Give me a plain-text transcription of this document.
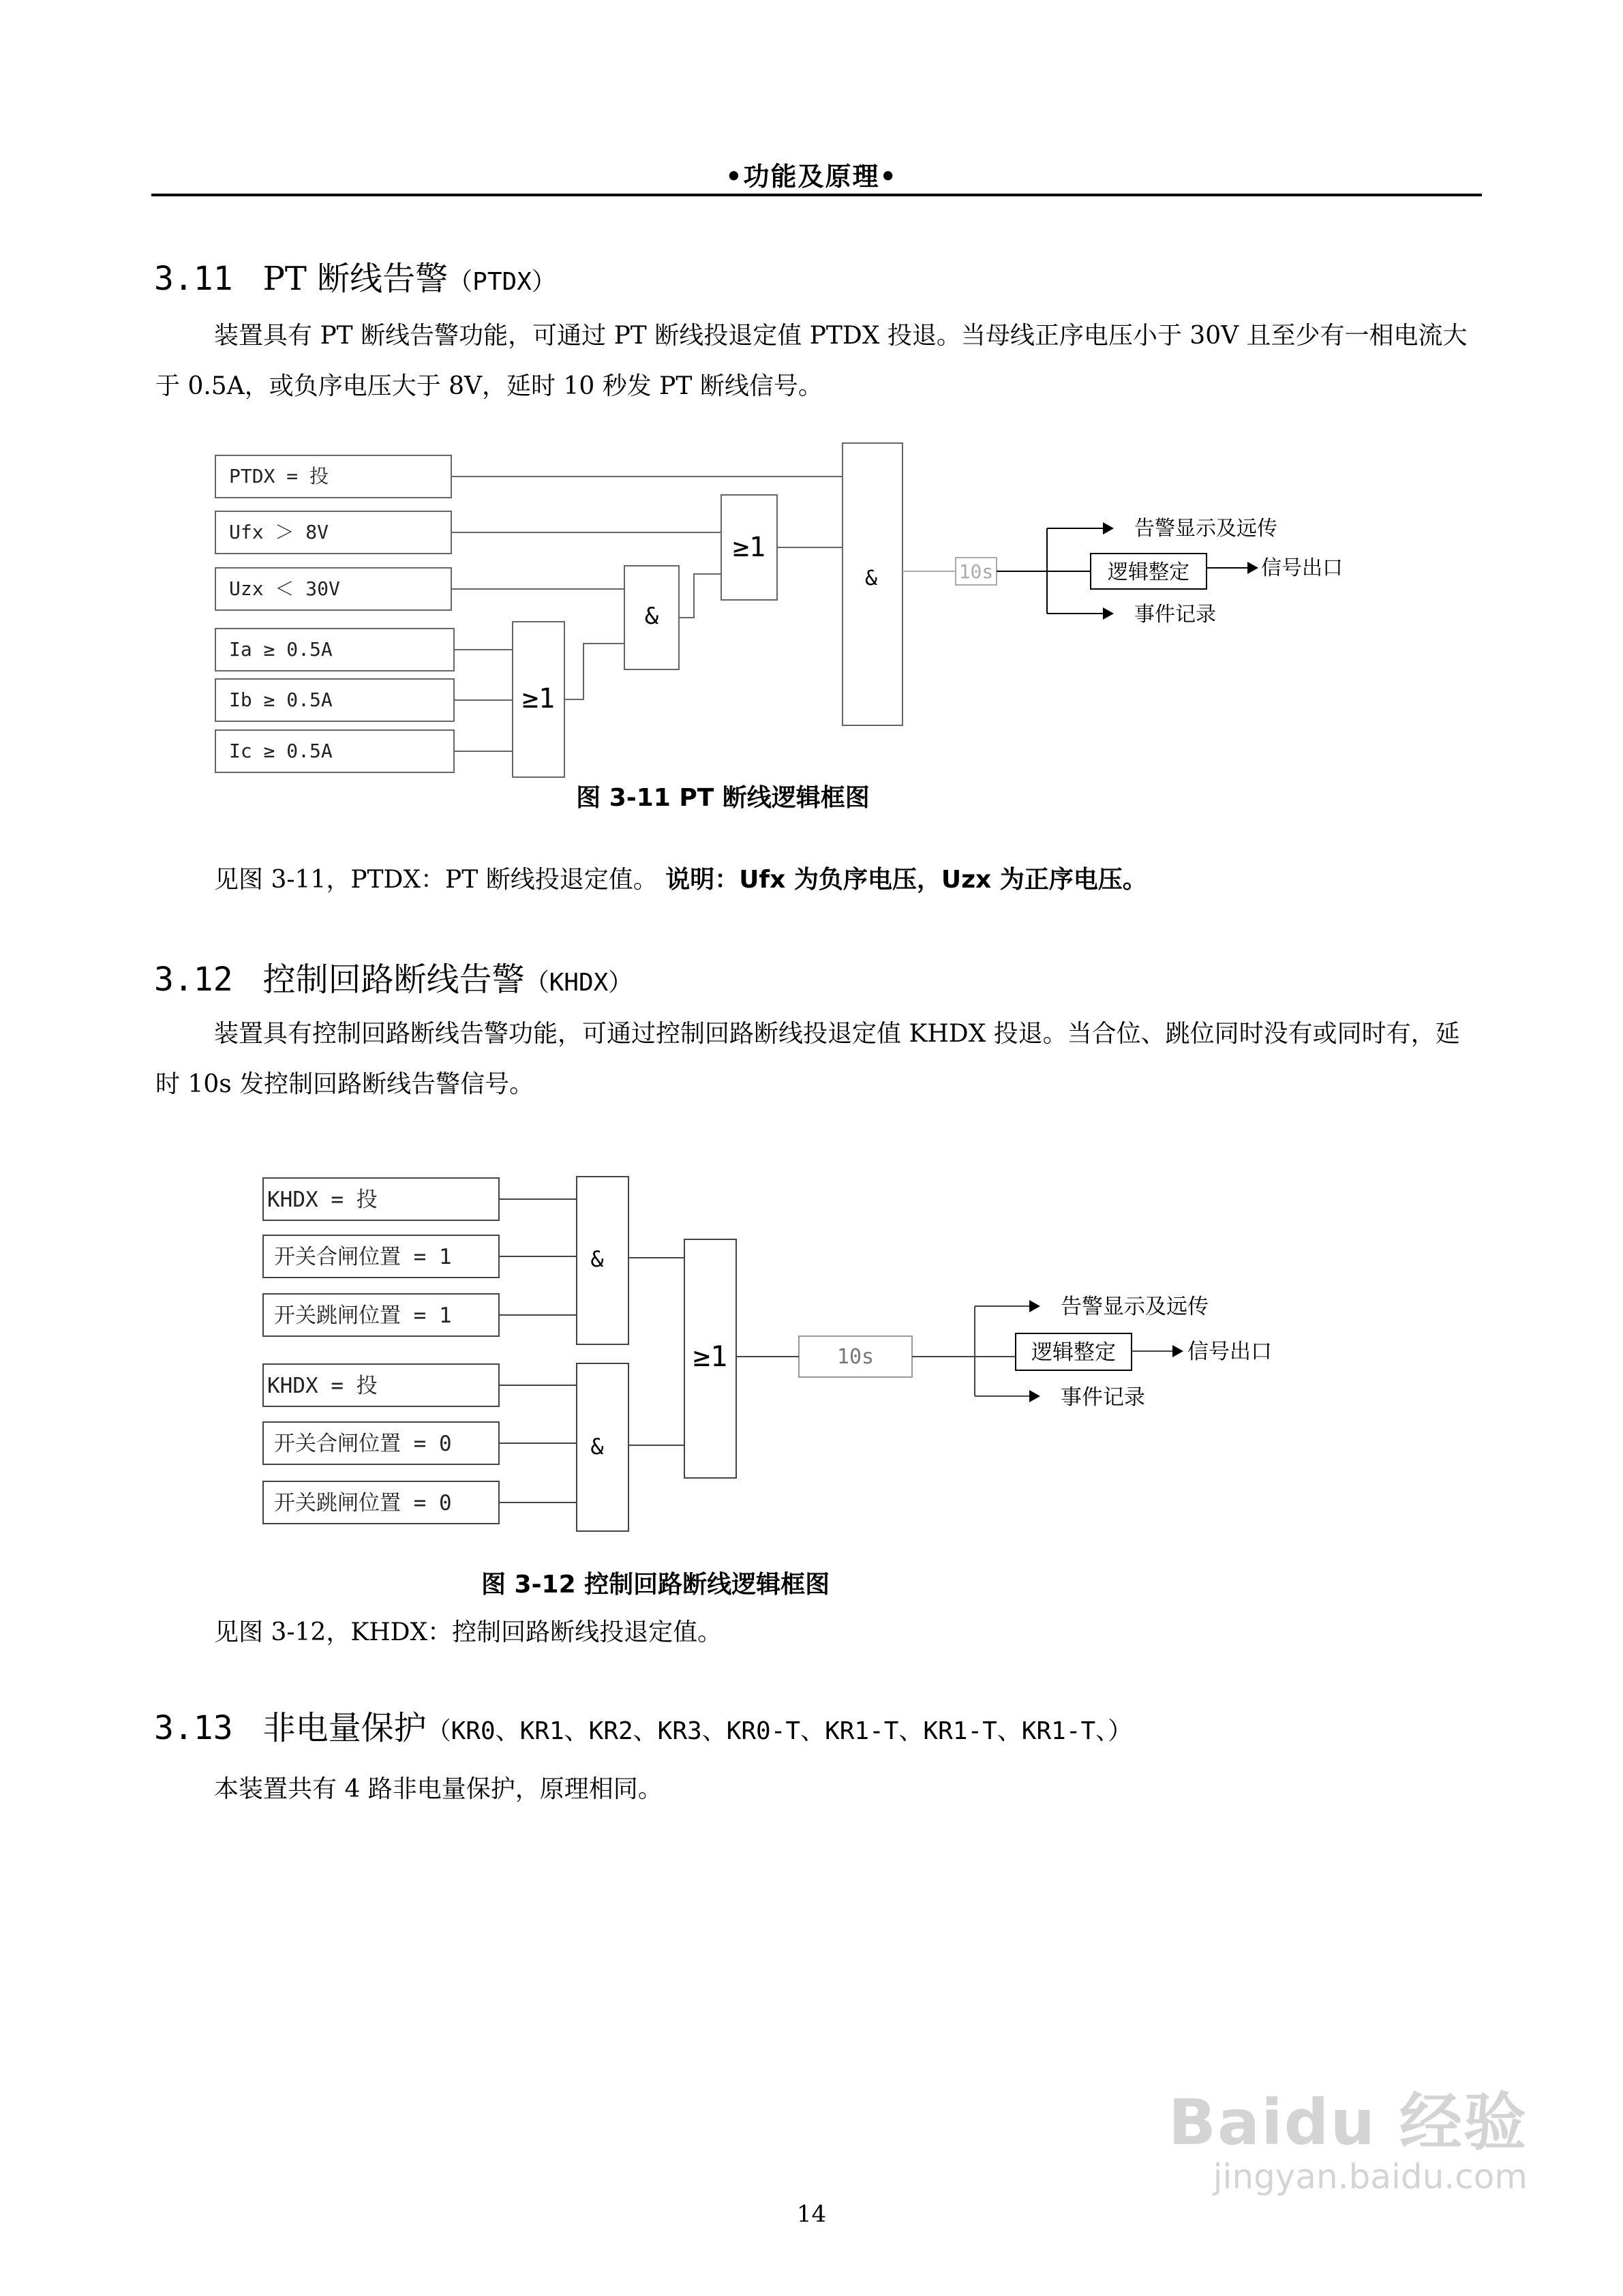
•功能及原理•
3.11 PT 断线告警（PTDX）
装置具有 PT 断线告警功能，可通过 PT 断线投退定值 PTDX 投退。当母线正序电压小于 30V 且至少有一相电流大于 0.5A，或负序电压大于 8V，延时 10 秒发 PT 断线信号。
PTDX = 投
Ufx ＞ 8V
Uzx ＜ 30V
Ia ≥ 0.5A
Ib ≥ 0.5A
Ic ≥ 0.5A
≥1
&
≥1
&	10s	逻辑整定
告警显示及远传
信号出口
事件记录
KHDX = 投
开关合闸位置 = 1
开关跳闸位置 = 1
KHDX = 投
开关合闸位置 = 0
开关跳闸位置 = 0
&
&
≥1	10s	逻辑整定
告警显示及远传
信号出口
事件记录
图 3-11 PT 断线逻辑框图
见图 3-11，PTDX：PT 断线投退定值。 说明：Ufx 为负序电压，Uzx 为正序电压。
3.12 控制回路断线告警（KHDX）
装置具有控制回路断线告警功能，可通过控制回路断线投退定值 KHDX 投退。当合位、跳位同时没有或同时有，延时 10s 发控制回路断线告警信号。
图 3-12 控制回路断线逻辑框图
见图 3-12，KHDX：控制回路断线投退定值。
3.13 非电量保护（KR0、KR1、KR2、KR3、KR0-T、KR1-T、KR1-T、KR1-T、）
本装置共有 4 路非电量保护，原理相同。
14
Baidu 经验
jingyan.baidu.com
